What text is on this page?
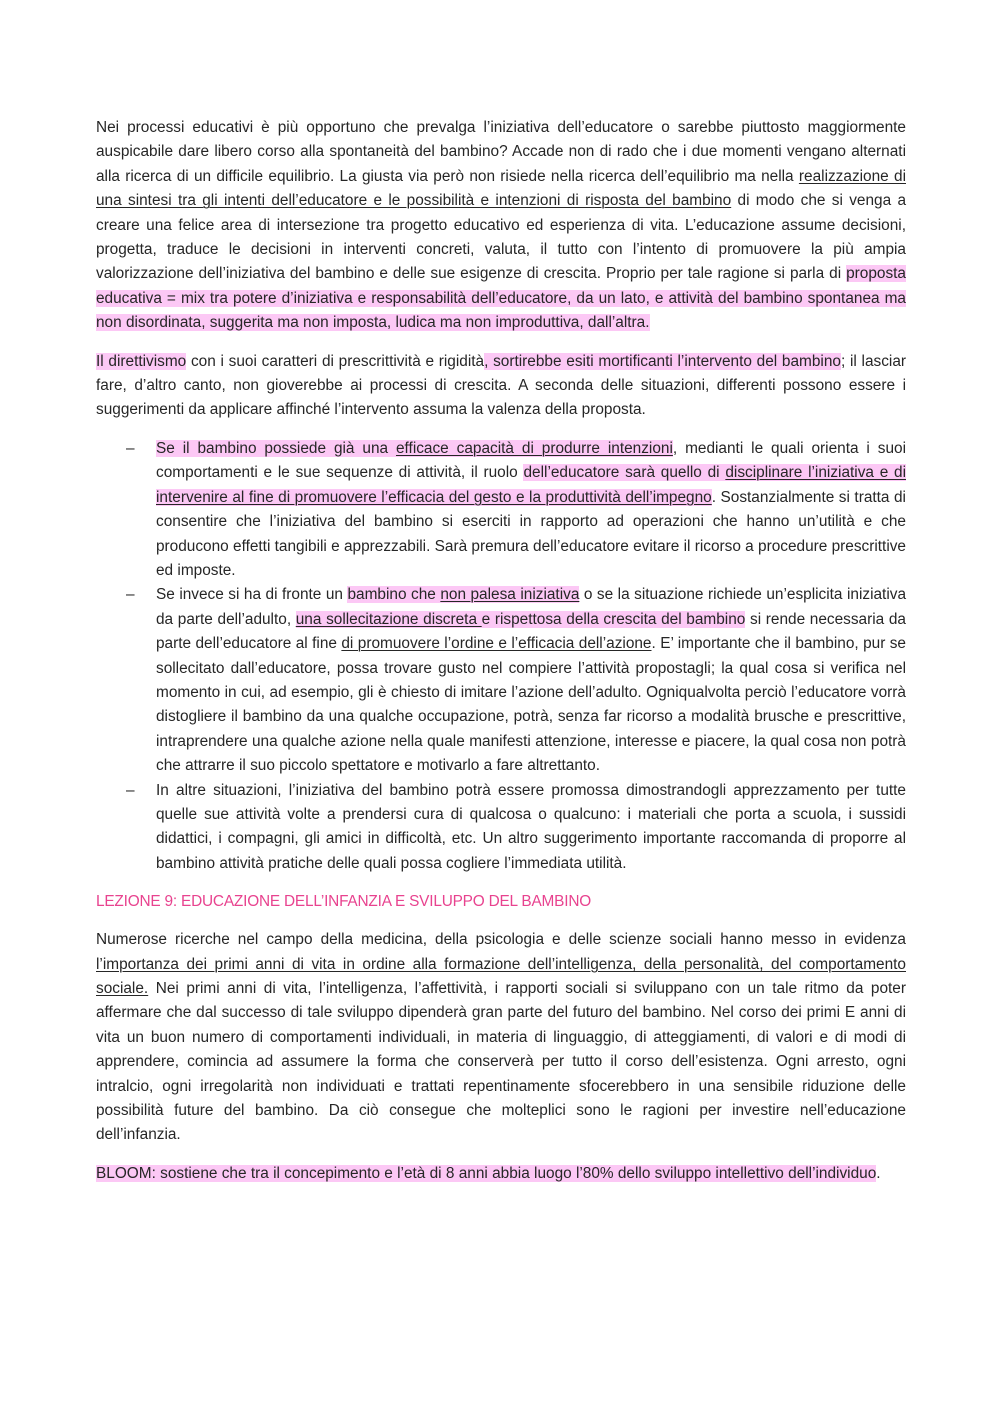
Nei processi educativi è più opportuno che prevalga l’iniziativa dell’educatore o sarebbe piuttosto maggiormente auspicabile dare libero corso alla spontaneità del bambino? Accade non di rado che i due momenti vengano alternati alla ricerca di un difficile equilibrio. La giusta via però non risiede nella ricerca dell’equilibrio ma nella realizzazione di una sintesi tra gli intenti dell’educatore e le possibilità e intenzioni di risposta del bambino di modo che si venga a creare una felice area di intersezione tra progetto educativo ed esperienza di vita. L’educazione assume decisioni, progetta, traduce le decisioni in interventi concreti, valuta, il tutto con l’intento di promuovere la più ampia valorizzazione dell’iniziativa del bambino e delle sue esigenze di crescita. Proprio per tale ragione si parla di proposta educativa = mix tra potere d’iniziativa e responsabilità dell’educatore, da un lato, e attività del bambino spontanea ma non disordinata, suggerita ma non imposta, ludica ma non improduttiva, dall’altra.

Il direttivismo con i suoi caratteri di prescrittività e rigidità, sortirebbe esiti mortificanti l’intervento del bambino; il lasciar fare, d’altro canto, non gioverebbe ai processi di crescita. A seconda delle situazioni, differenti possono essere i suggerimenti da applicare affinché l’intervento assuma la valenza della proposta.

– Se il bambino possiede già una efficace capacità di produrre intenzioni, medianti le quali orienta i suoi comportamenti e le sue sequenze di attività, il ruolo dell’educatore sarà quello di disciplinare l’iniziativa e di intervenire al fine di promuovere l’efficacia del gesto e la produttività dell’impegno. Sostanzialmente si tratta di consentire che l’iniziativa del bambino si eserciti in rapporto ad operazioni che hanno un’utilità e che producono effetti tangibili e apprezzabili. Sarà premura dell’educatore evitare il ricorso a procedure prescrittive ed imposte.
– Se invece si ha di fronte un bambino che non palesa iniziativa o se la situazione richiede un’esplicita iniziativa da parte dell’adulto, una sollecitazione discreta e rispettosa della crescita del bambino si rende necessaria da parte dell’educatore al fine di promuovere l’ordine e l’efficacia dell’azione. E’ importante che il bambino, pur se sollecitato dall’educatore, possa trovare gusto nel compiere l’attività propostagli; la qual cosa si verifica nel momento in cui, ad esempio, gli è chiesto di imitare l’azione dell’adulto. Ogniqualvolta perciò l’educatore vorrà distogliere il bambino da una qualche occupazione, potrà, senza far ricorso a modalità brusche e prescrittive, intraprendere una qualche azione nella quale manifesti attenzione, interesse e piacere, la qual cosa non potrà che attrarre il suo piccolo spettatore e motivarlo a fare altrettanto.
– In altre situazioni, l’iniziativa del bambino potrà essere promossa dimostrandogli apprezzamento per tutte quelle sue attività volte a prendersi cura di qualcosa o qualcuno: i materiali che porta a scuola, i sussidi didattici, i compagni, gli amici in difficoltà, etc. Un altro suggerimento importante raccomanda di proporre al bambino attività pratiche delle quali possa cogliere l’immediata utilità.
LEZIONE 9: EDUCAZIONE DELL’INFANZIA E SVILUPPO DEL BAMBINO

Numerose ricerche nel campo della medicina, della psicologia e delle scienze sociali hanno messo in evidenza l’importanza dei primi anni di vita in ordine alla formazione dell’intelligenza, della personalità, del comportamento sociale. Nei primi anni di vita, l’intelligenza, l’affettività, i rapporti sociali si sviluppano con un tale ritmo da poter affermare che dal successo di tale sviluppo dipenderà gran parte del futuro del bambino. Nel corso dei primi E anni di vita un buon numero di comportamenti individuali, in materia di linguaggio, di atteggiamenti, di valori e di modi di apprendere, comincia ad assumere la forma che conserverà per tutto il corso dell’esistenza. Ogni arresto, ogni intralcio, ogni irregolarità non individuati e trattati repentinamente sfocerebbero in una sensibile riduzione delle possibilità future del bambino. Da ciò consegue che molteplici sono le ragioni per investire nell’educazione dell’infanzia.

BLOOM: sostiene che tra il concepimento e l’età di 8 anni abbia luogo l’80% dello sviluppo intellettivo dell’individuo.
